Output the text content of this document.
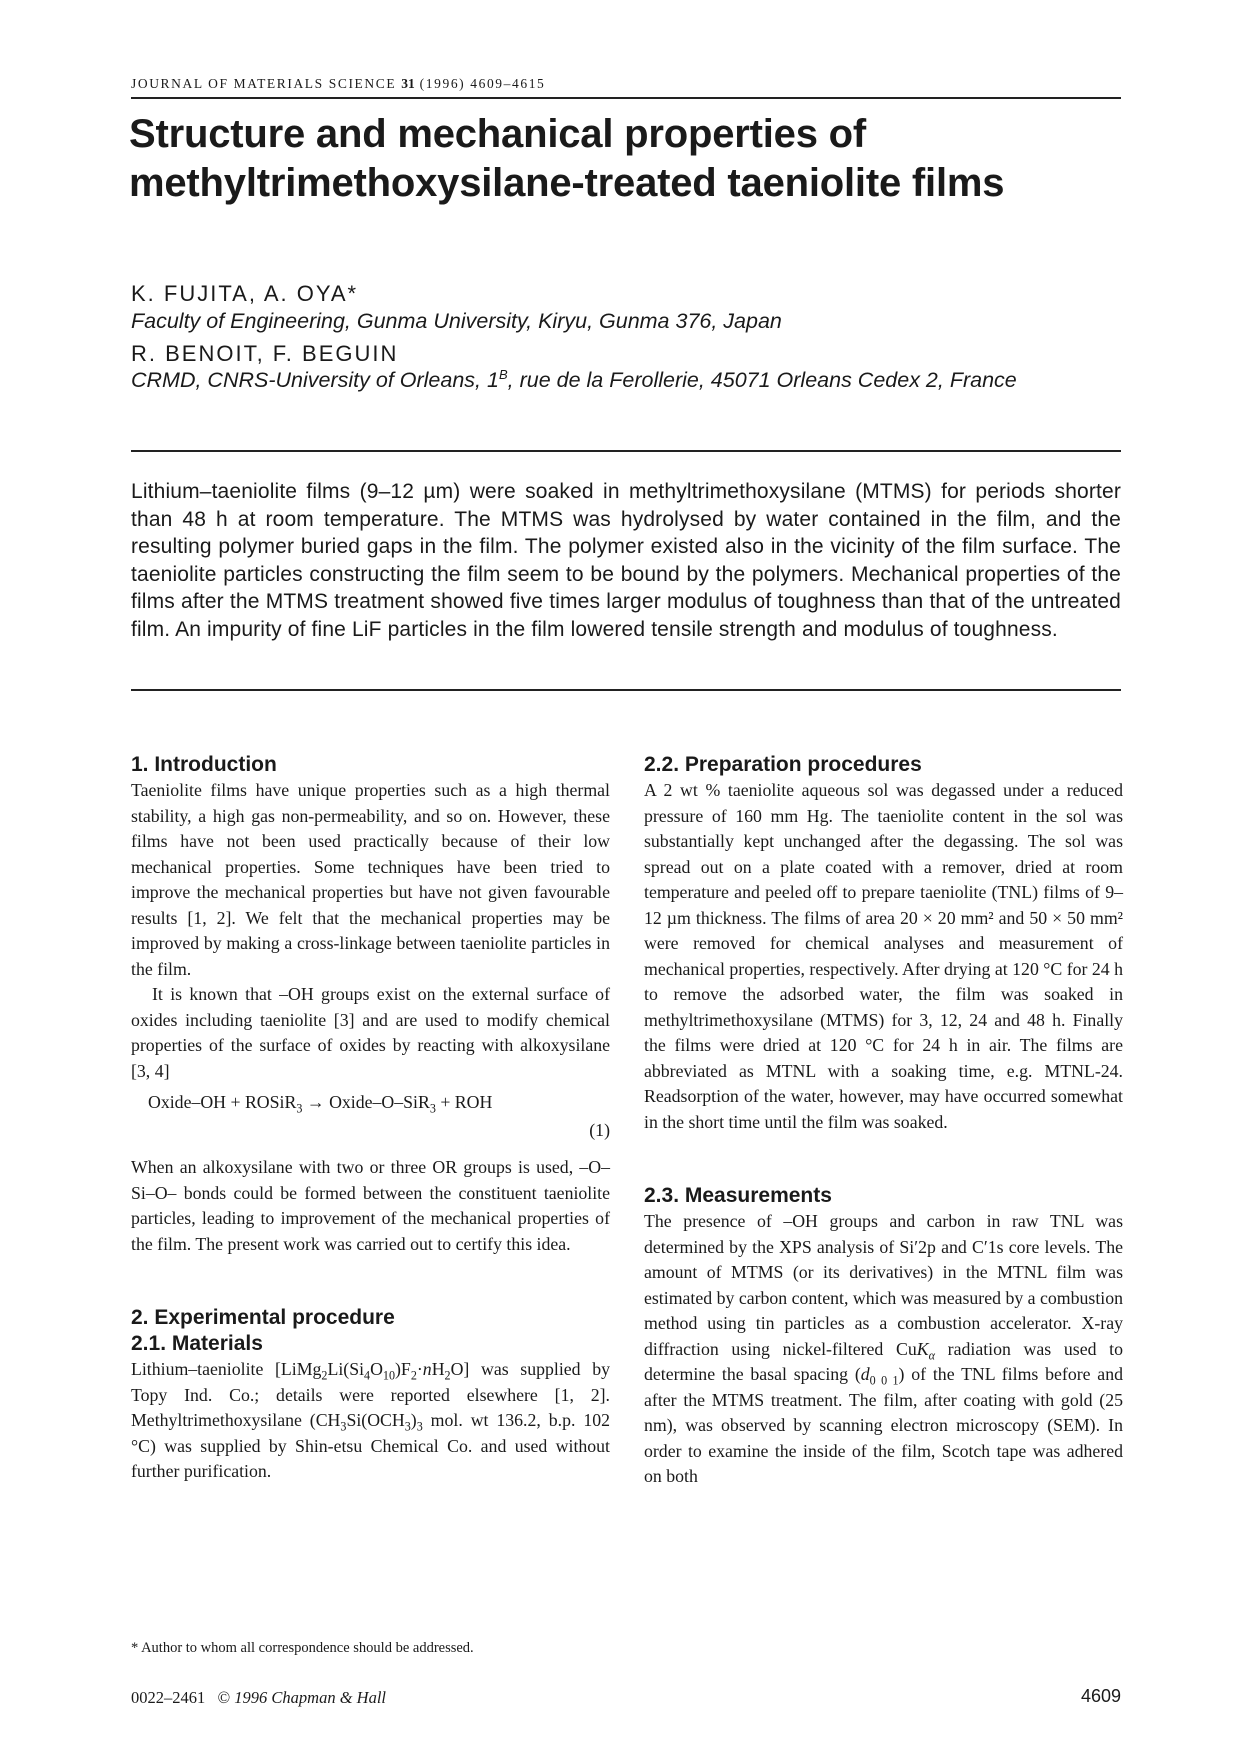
JOURNAL OF MATERIALS SCIENCE 31 (1996) 4609–4615
Structure and mechanical properties of methyltrimethoxysilane-treated taeniolite films
K. FUJITA, A. OYA*
Faculty of Engineering, Gunma University, Kiryu, Gunma 376, Japan
R. BENOIT, F. BEGUIN
CRMD, CNRS-University of Orleans, $1^B$, rue de la Ferollerie, 45071 Orleans Cedex 2, France
Lithium–taeniolite films (9–12 µm) were soaked in methyltrimethoxysilane (MTMS) for periods shorter than 48 h at room temperature. The MTMS was hydrolysed by water contained in the film, and the resulting polymer buried gaps in the film. The polymer existed also in the vicinity of the film surface. The taeniolite particles constructing the film seem to be bound by the polymers. Mechanical properties of the films after the MTMS treatment showed five times larger modulus of toughness than that of the untreated film. An impurity of fine LiF particles in the film lowered tensile strength and modulus of toughness.
1. Introduction

Taeniolite films have unique properties such as a high thermal stability, a high gas non-permeability, and so on. However, these films have not been used practically because of their low mechanical properties. Some techniques have been tried to improve the mechanical properties but have not given favourable results [1, 2]. We felt that the mechanical properties may be improved by making a cross-linkage between taeniolite particles in the film.

It is known that –OH groups exist on the external surface of oxides including taeniolite [3] and are used to modify chemical properties of the surface of oxides by reacting with alkoxysilane [3, 4]

Oxide–OH + ROSiR$_3$ → Oxide–O–SiR$_3$ + ROH
(1)

When an alkoxysilane with two or three OR groups is used, –O–Si–O– bonds could be formed between the constituent taeniolite particles, leading to improvement of the mechanical properties of the film. The present work was carried out to certify this idea.

2. Experimental procedure
2.1. Materials

Lithium–taeniolite $[LiMg_2Li(Si_4O_{10})F_2\cdot nH_2O]$ was supplied by Topy Ind. Co.; details were reported elsewhere [1, 2]. Methyltrimethoxysilane ($CH_3Si(OCH_3)_3$ mol. wt 136.2, b.p. 102 °C) was supplied by Shin-etsu Chemical Co. and used without further purification.

2.2. Preparation procedures

A 2 wt % taeniolite aqueous sol was degassed under a reduced pressure of 160 mm Hg. The taeniolite content in the sol was substantially kept unchanged after the degassing. The sol was spread out on a plate coated with a remover, dried at room temperature and peeled off to prepare taeniolite (TNL) films of 9–12 µm thickness. The films of area 20 × 20 mm² and 50 × 50 mm² were removed for chemical analyses and measurement of mechanical properties, respectively. After drying at 120 °C for 24 h to remove the adsorbed water, the film was soaked in methyltrimethoxysilane (MTMS) for 3, 12, 24 and 48 h. Finally the films were dried at 120 °C for 24 h in air. The films are abbreviated as MTNL with a soaking time, e.g. MTNL-24. Readsorption of the water, however, may have occurred somewhat in the short time until the film was soaked.

2.3. Measurements

The presence of –OH groups and carbon in raw TNL was determined by the XPS analysis of Si′2p and C′1s core levels. The amount of MTMS (or its derivatives) in the MTNL film was estimated by carbon content, which was measured by a combustion method using tin particles as a combustion accelerator. X-ray diffraction using nickel-filtered CuK$_\alpha$ radiation was used to determine the basal spacing $(d_{0 0 1})$ of the TNL films before and after the MTMS treatment. The film, after coating with gold (25 nm), was observed by scanning electron microscopy (SEM). In order to examine the inside of the film, Scotch tape was adhered on both

* Author to whom all correspondence should be addressed.
0022–2461 © 1996 Chapman & Hall	4609
